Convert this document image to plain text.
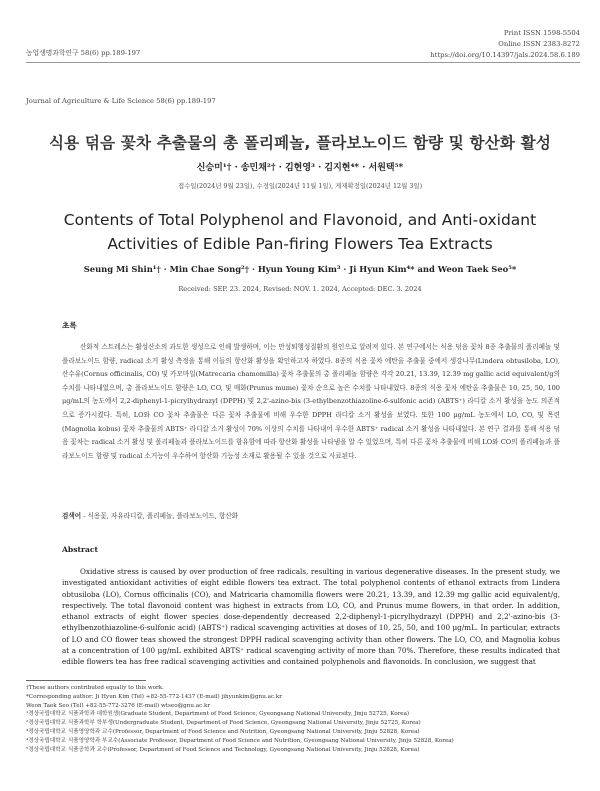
Print ISSN 1598-5504
Online ISSN 2383-8272
https://doi.org/10.14397/jals.2024.58.6.189
농업생명과학연구 58(6) pp.189-197
Journal of Agriculture & Life Science 58(6) pp.189-197
식용 덖음 꽃차 추출물의 총 폴리페놀, 플라보노이드 함량 및 항산화 활성
신승미¹† · 송민채²† · 김현영³ · 김지현⁴* · 서원택⁵*
접수일(2024년 9월 23일), 수정일(2024년 11월 1일), 게재확정일(2024년 12월 3일)
Contents of Total Polyphenol and Flavonoid, and Anti-oxidant
Activities of Edible Pan-firing Flowers Tea Extracts
Seung Mi Shin¹† · Min Chae Song²† · Hyun Young Kim³ · Ji Hyun Kim⁴* and Weon Taek Seo⁵*
Received: SEP. 23. 2024, Revised: NOV. 1. 2024, Accepted: DEC. 3. 2024
초록
산화적 스트레스는 활성산소의 과도한 생성으로 인해 발생하며, 이는 만성퇴행성질환의 원인으로 알려져 있다. 본 연구에서는 식용 덖음 꽃차 8종 추출물의 폴리페놀 및 플라보노이드 함량, radical 소거 활성 측정을 통해 이들의 항산화 활성을 확인하고자 하였다. 8종의 식용 꽃차 에탄올 추출물 중에서 생강나무(Lindera obtusiloba, LO), 산수유(Cornus officinalis, CO) 및 카모마일(Matrecaria chamomilla) 꽃차 추출물의 총 폴리페놀 함량은 각각 20.21, 13.39, 12.39 mg gallic acid equivalent/g의 수치를 나타내었으며, 총 플라보노이드 함량은 LO, CO, 및 매화(Prunus mume) 꽃차 순으로 높은 수치를 나타내었다. 8종의 식용 꽃차 에탄올 추출물은 10, 25, 50, 100 μg/mL의 농도에서 2,2-diphenyl-1-picrylhydrazyl (DPPH) 및 2,2'-azino-bis (3-ethylbenzothiazoline-6-sulfonic acid) (ABTS⁺) 라디칼 소거 활성을 농도 의존적으로 증가시켰다. 특히, LO와 CO 꽃차 추출물은 다른 꽃차 추출물에 비해 우수한 DPPH 라디칼 소거 활성을 보였다. 또한 100 μg/mL 농도에서 LO, CO, 및 목련(Magnolia kobus) 꽃차 추출물의 ABTS⁺ 라디칼 소거 활성이 70% 이상의 수치를 나타내어 우수한 ABTS⁺ radical 소거 활성을 나타내었다. 본 연구 결과를 통해 식용 덖음 꽃차는 radical 소거 활성 및 폴리페놀과 플라보노이드를 함유함에 따라 항산화 활성을 나타냄을 알 수 있었으며, 특히 다른 꽃차 추출물에 비해 LO와 CO의 폴리페놀과 플라보노이드 함량 및 radical 소거능이 우수하여 항산화 기능성 소재로 활용될 수 있을 것으로 사료된다.
검색어 - 식용꽃, 자유라디칼, 폴리페놀, 플라보노이드, 항산화
Abstract
Oxidative stress is caused by over production of free radicals, resulting in various degenerative diseases. In the present study, we investigated antioxidant activities of eight edible flowers tea extract. The total polyphenol contents of ethanol extracts from Lindera obtusiloba (LO), Cornus officinalis (CO), and Matricaria chamomilla flowers were 20.21, 13.39, and 12.39 mg gallic acid equivalent/g, respectively. The total flavonoid content was highest in extracts from LO, CO, and Prunus mume flowers, in that order. In addition, ethanol extracts of eight flower species dose-dependently decreased 2,2-diphenyl-1-picrylhydrazyl (DPPH) and 2,2'-azino-bis (3-ethylbenzothiazoline-6-sulfonic acid) (ABTS⁺) radical scavenging activities at doses of 10, 25, 50, and 100 μg/mL. In particular, extracts of LO and CO flower teas showed the strongest DPPH radical scavenging activity than other flowers. The LO, CO, and Magnolia kobus at a concentration of 100 μg/mL exhibited ABTS⁺ radical scavenging activity of more than 70%. Therefore, these results indicated that edible flowers tea has free radical scavenging activities and contained polyphenols and flavonoids. In conclusion, we suggest that
†These authors contributed equally to this work.
*Corresponding author: Ji Hyun Kim (Tel) +82-55-772-1437 (E-mail) jihyunkim@gnu.ac.kr
Weon Taek Seo (Tel) +82-55-772-3276 (E-mail) wtseo@gnu.ac.kr
¹경상국립대학교 식품과학과 대학원생(Graduate Student, Department of Food Science, Gyeongsang National University, Jinju 52725, Korea)
²경상국립대학교 식품과학부 학부생(Undergraduate Student, Department of Food Science, Gyeongsang National University, Jinju 52725, Korea)
³경상국립대학교 식품영양학과 교수(Professor, Department of Food Science and Nutrition, Gyeongsang National University, Jinju 52828, Korea)
⁴경상국립대학교 식품영양학과 부교수(Associate Professor, Department of Food Science and Nutrition, Gyeongsang National University, Jinju 52828, Korea)
⁵경상국립대학교 식품공학과 교수(Professor, Department of Food Science and Technology, Gyeongsang National University, Jinju 52828, Korea)
